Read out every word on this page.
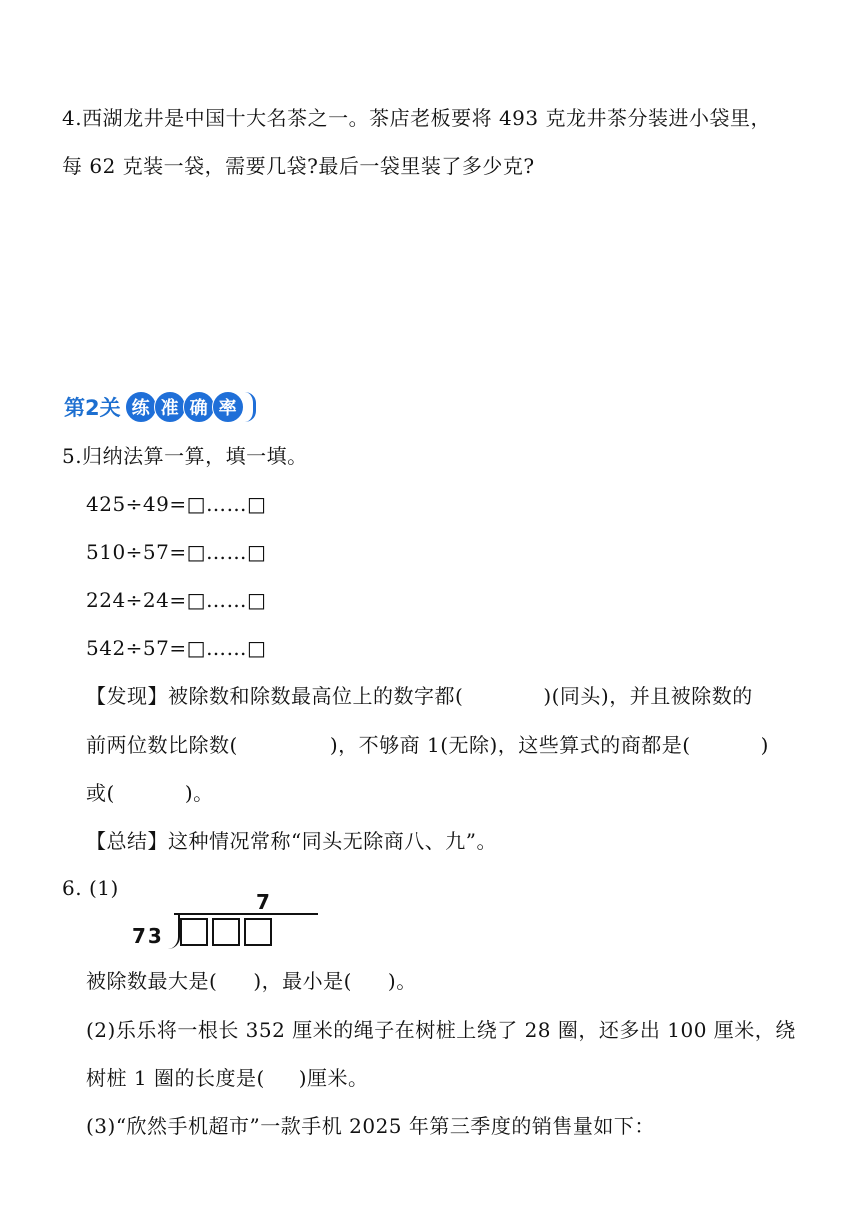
4.西湖龙井是中国十大名茶之一。茶店老板要将 493 克龙井茶分装进小袋里，
每 62 克装一袋，需要几袋?最后一袋里装了多少克?
第2关 练 准 确 率
5.归纳法算一算，填一填。
425÷49=□……□
510÷57=□……□
224÷24=□……□
542÷57=□……□
【发现】被除数和除数最高位上的数字都(	)(同头)，并且被除数的
前两位数比除数(	)，不够商 1(无除)，这些算式的商都是(	)
或(	)。
【总结】这种情况常称“同头无除商八、九”。
6. (1)
7
73
被除数最大是( )，最小是( )。
(2)乐乐将一根长 352 厘米的绳子在树桩上绕了 28 圈，还多出 100 厘米，绕
树桩 1 圈的长度是( )厘米。
(3)“欣然手机超市”一款手机 2025 年第三季度的销售量如下：
